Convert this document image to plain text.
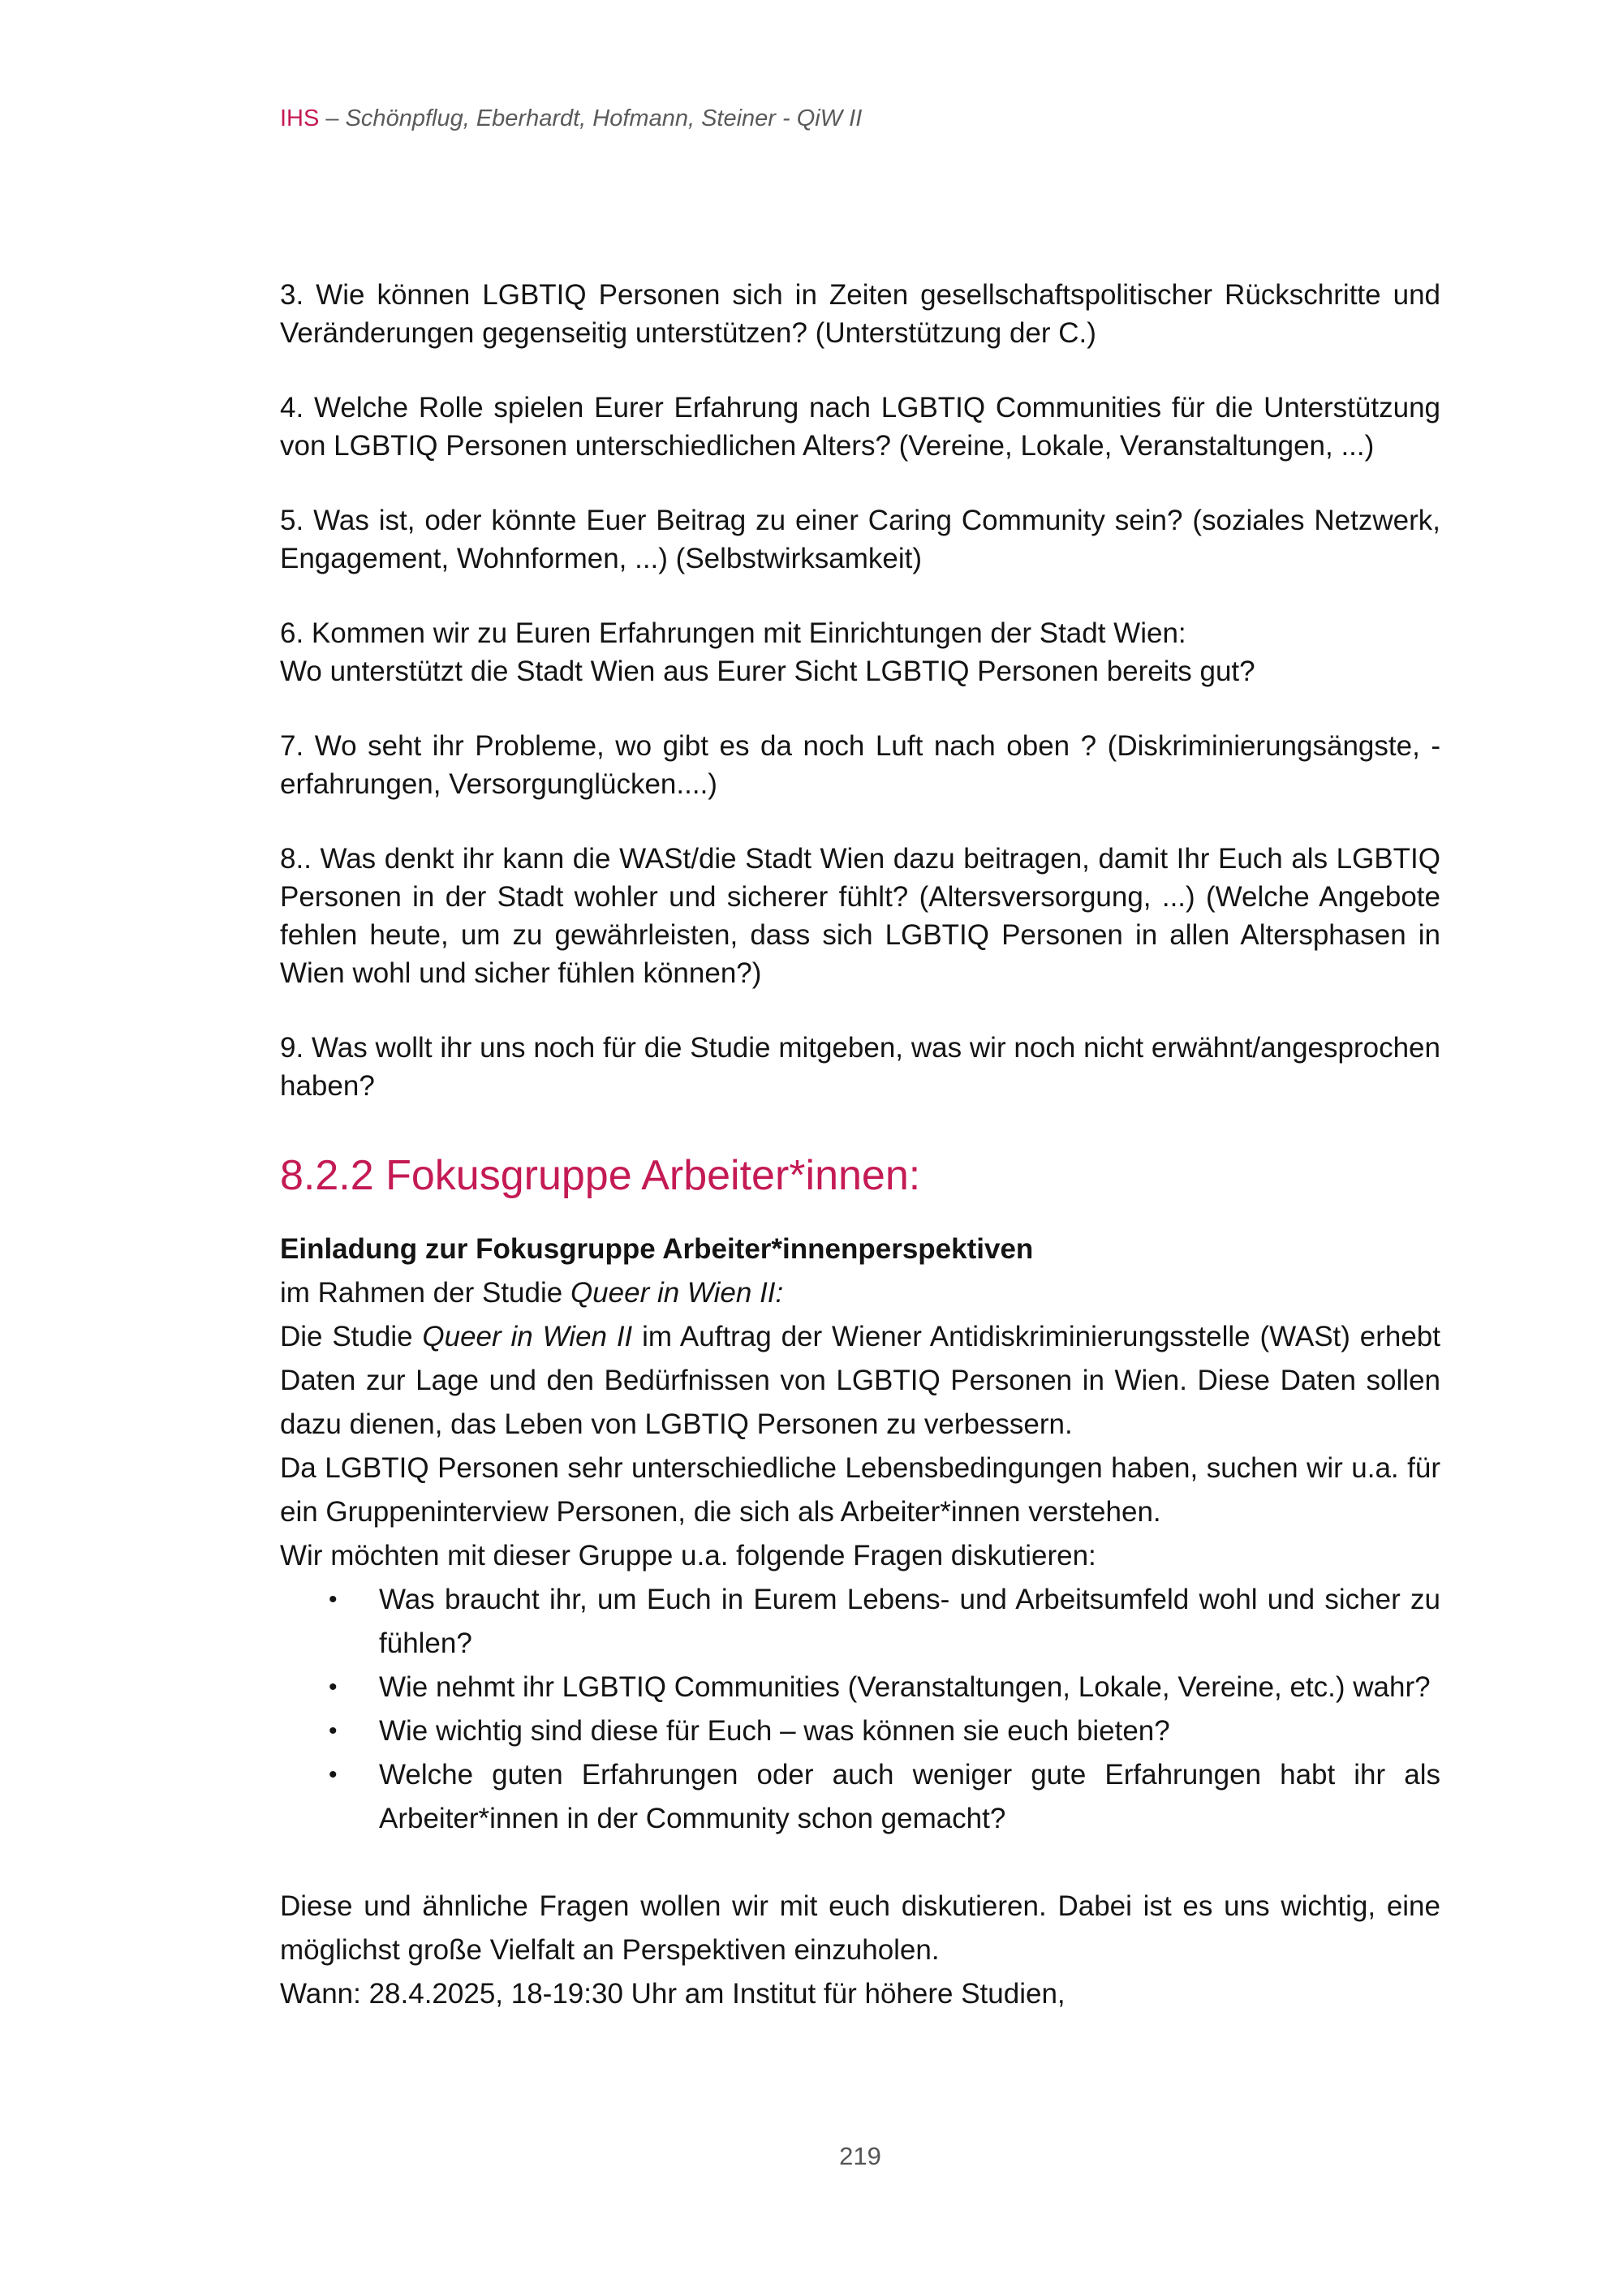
IHS – Schönpflug, Eberhardt, Hofmann, Steiner - QiW II

3. Wie können LGBTIQ Personen sich in Zeiten gesellschaftspolitischer Rückschritte und Veränderungen gegenseitig unterstützen? (Unterstützung der C.)

4. Welche Rolle spielen Eurer Erfahrung nach LGBTIQ Communities für die Unterstützung von LGBTIQ Personen unterschiedlichen Alters? (Vereine, Lokale, Veranstaltungen, ...)

5. Was ist, oder könnte Euer Beitrag zu einer Caring Community sein? (soziales Netzwerk, Engagement, Wohnformen, ...) (Selbstwirksamkeit)

6. Kommen wir zu Euren Erfahrungen mit Einrichtungen der Stadt Wien:
Wo unterstützt die Stadt Wien aus Eurer Sicht LGBTIQ Personen bereits gut?

7. Wo seht ihr Probleme, wo gibt es da noch Luft nach oben ? (Diskriminierungsängste, -erfahrungen, Versorgunglücken....)

8.. Was denkt ihr kann die WASt/die Stadt Wien dazu beitragen, damit Ihr Euch als LGBTIQ Personen in der Stadt wohler und sicherer fühlt? (Altersversorgung, ...) (Welche Angebote fehlen heute, um zu gewährleisten, dass sich LGBTIQ Personen in allen Altersphasen in Wien wohl und sicher fühlen können?)

9. Was wollt ihr uns noch für die Studie mitgeben, was wir noch nicht erwähnt/angesprochen haben?

8.2.2 Fokusgruppe Arbeiter*innen:

Einladung zur Fokusgruppe Arbeiter*innenperspektiven

im Rahmen der Studie Queer in Wien II:

Die Studie Queer in Wien II im Auftrag der Wiener Antidiskriminierungsstelle (WASt) erhebt Daten zur Lage und den Bedürfnissen von LGBTIQ Personen in Wien. Diese Daten sollen dazu dienen, das Leben von LGBTIQ Personen zu verbessern.

Da LGBTIQ Personen sehr unterschiedliche Lebensbedingungen haben, suchen wir u.a. für ein Gruppeninterview Personen, die sich als Arbeiter*innen verstehen.

Wir möchten mit dieser Gruppe u.a. folgende Fragen diskutieren:

• Was braucht ihr, um Euch in Eurem Lebens- und Arbeitsumfeld wohl und sicher zu fühlen?
• Wie nehmt ihr LGBTIQ Communities (Veranstaltungen, Lokale, Vereine, etc.) wahr?
• Wie wichtig sind diese für Euch – was können sie euch bieten?
• Welche guten Erfahrungen oder auch weniger gute Erfahrungen habt ihr als Arbeiter*innen in der Community schon gemacht?

Diese und ähnliche Fragen wollen wir mit euch diskutieren. Dabei ist es uns wichtig, eine möglichst große Vielfalt an Perspektiven einzuholen.

Wann: 28.4.2025, 18-19:30 Uhr am Institut für höhere Studien,

219
